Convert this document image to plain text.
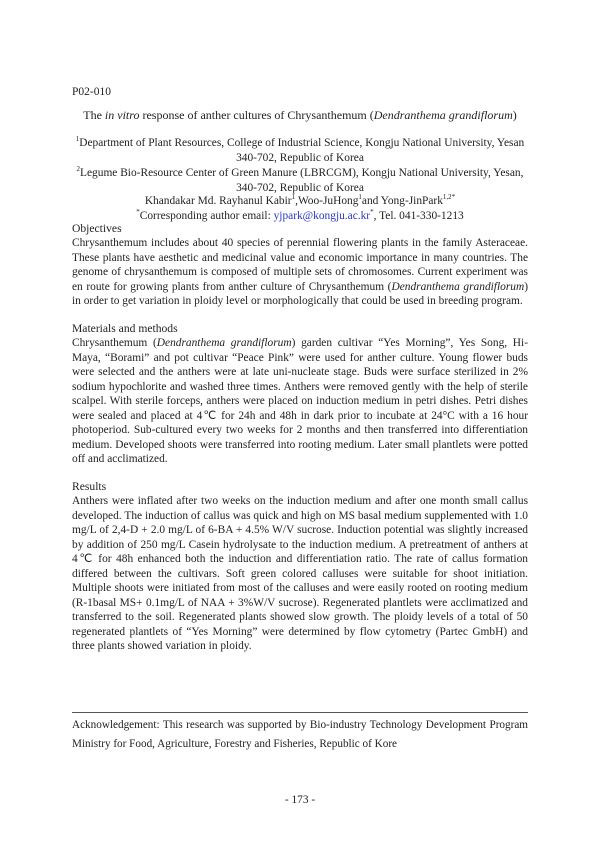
P02-010
The in vitro response of anther cultures of Chrysanthemum (Dendranthema grandiflorum)
$^1$Department of Plant Resources, College of Industrial Science, Kongju National University, Yesan 340-702, Republic of Korea
$^2$Legume Bio-Resource Center of Green Manure (LBRCGM), Kongju National University, Yesan, 340-702, Republic of Korea
Khandakar Md. Rayhanul Kabir$^1$,Woo-JuHong$^1$and Yong-JinPark$^{1,2*}$
*Corresponding author email: yjpark@kongju.ac.kr*, Tel. 041-330-1213
Objectives
Chrysanthemum includes about 40 species of perennial flowering plants in the family Asteraceae. These plants have aesthetic and medicinal value and economic importance in many countries. The genome of chrysanthemum is composed of multiple sets of chromosomes. Current experiment was en route for growing plants from anther culture of Chrysanthemum (Dendranthema grandiflorum) in order to get variation in ploidy level or morphologically that could be used in breeding program.
Materials and methods
Chrysanthemum (Dendranthema grandiflorum) garden cultivar “Yes Morning”, Yes Song, Hi-Maya, “Borami” and pot cultivar “Peace Pink” were used for anther culture. Young flower buds were selected and the anthers were at late uni-nucleate stage. Buds were surface sterilized in 2% sodium hypochlorite and washed three times. Anthers were removed gently with the help of sterile scalpel. With sterile forceps, anthers were placed on induction medium in petri dishes. Petri dishes were sealed and placed at 4℃ for 24h and 48h in dark prior to incubate at 24°C with a 16 hour photoperiod. Sub-cultured every two weeks for 2 months and then transferred into differentiation medium. Developed shoots were transferred into rooting medium. Later small plantlets were potted off and acclimatized.
Results
Anthers were inflated after two weeks on the induction medium and after one month small callus developed. The induction of callus was quick and high on MS basal medium supplemented with 1.0 mg/L of 2,4-D + 2.0 mg/L of 6-BA + 4.5% W/V sucrose. Induction potential was slightly increased by addition of 250 mg/L Casein hydrolysate to the induction medium. A pretreatment of anthers at 4℃ for 48h enhanced both the induction and differentiation ratio. The rate of callus formation differed between the cultivars. Soft green colored calluses were suitable for shoot initiation. Multiple shoots were initiated from most of the calluses and were easily rooted on rooting medium (R-1basal MS+ 0.1mg/L of NAA + 3%W/V sucrose). Regenerated plantlets were acclimatized and transferred to the soil. Regenerated plants showed slow growth. The ploidy levels of a total of 50 regenerated plantlets of “Yes Morning” were determined by flow cytometry (Partec GmbH) and three plants showed variation in ploidy.
Acknowledgement: This research was supported by Bio-industry Technology Development Program Ministry for Food, Agriculture, Forestry and Fisheries, Republic of Kore
- 173 -
